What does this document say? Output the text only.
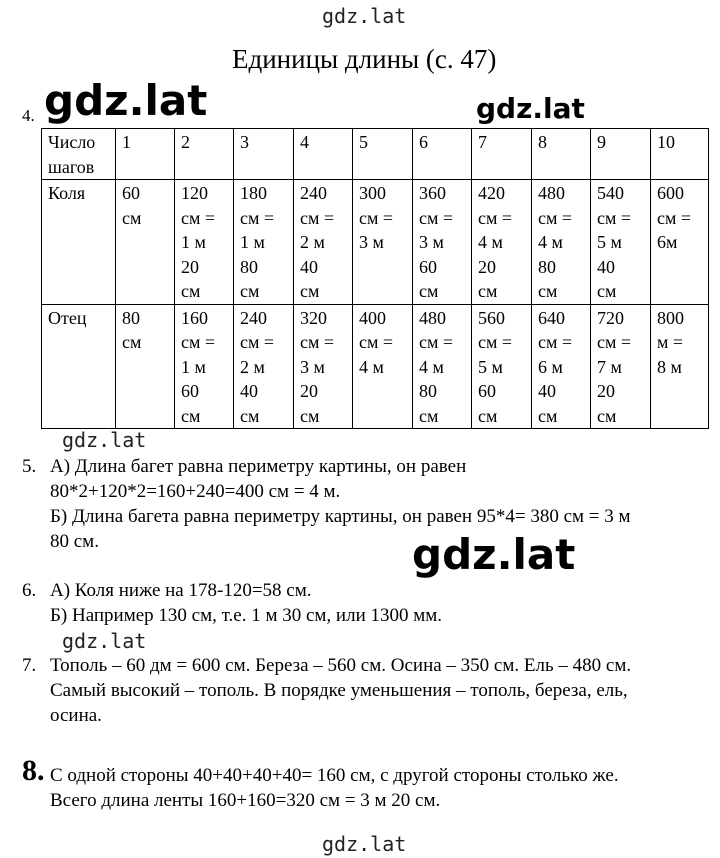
gdz.lat
gdz.lat	gdz.lat
gdz.lat
gdz.lat
gdz.lat
gdz.lat
Единицы длины (с. 47)
4.
Число
шагов	1	2	3	4	5	6	7	8	9	10

Коля	60
см	120
см =
1 м
20
см	180
см =
1 м
80
см	240
см =
2 м
40
см	300
см =
3 м	360
см =
3 м
60
см	420
см =
4 м
20
см	480
см =
4 м
80
см	540
см =
5 м
40
см	600
см =
6м

Отец	80
см	160
см =
1 м
60
см	240
см =
2 м
40
см	320
см =
3 м
20
см	400
см =
4 м	480
см =
4 м
80
см	560
см =
5 м
60
см	640
см =
6 м
40
см	720
см =
7 м
20
см	800
м =
8 м
5. А) Длина багет равна периметру картины, он равен
80*2+120*2=160+240=400 см = 4 м.
Б) Длина багета равна периметру картины, он равен 95*4= 380 см = 3 м
80 см.
6. А) Коля ниже на 178-120=58 см.
Б) Например 130 см, т.е. 1 м 30 см, или 1300 мм.
7. Тополь – 60 дм = 600 см. Береза – 560 см. Осина – 350 см. Ель – 480 см.
Самый высокий – тополь. В порядке уменьшения – тополь, береза, ель,
осина.
8. С одной стороны 40+40+40+40= 160 см, с другой стороны столько же.
Всего длина ленты 160+160=320 см = 3 м 20 см.
